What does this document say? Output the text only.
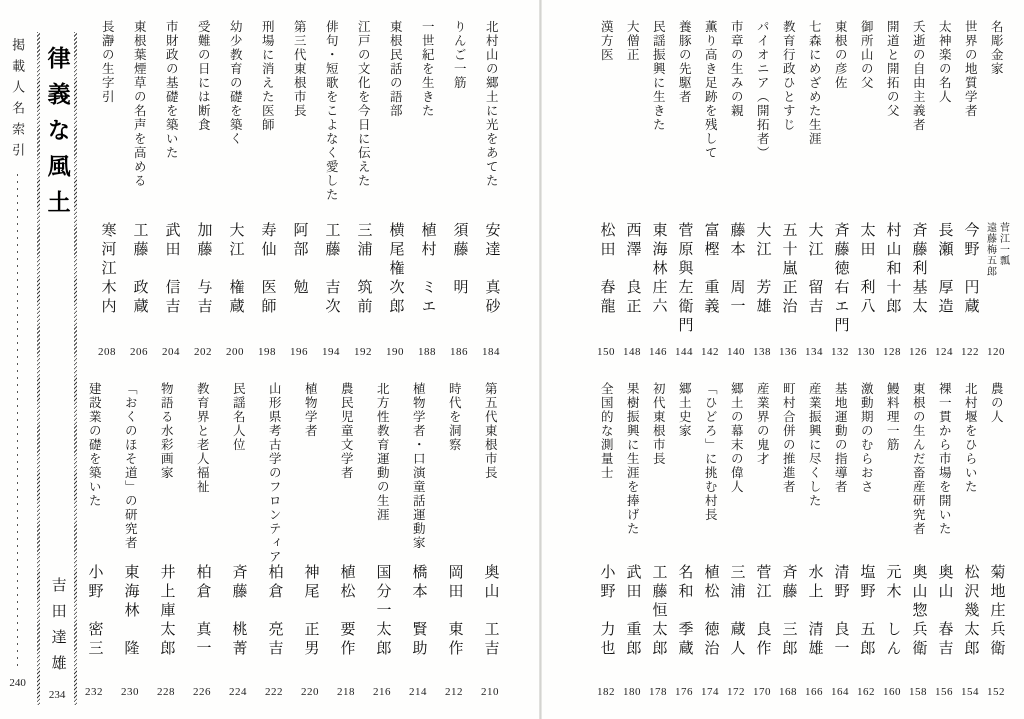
掲載人名索引
240
律義な風土
吉田達雄
234
北村山の郷土に光をあてた
安達　真砂
184
りんご一筋
須藤　明
186
一世紀を生きた
植村　ミエ
188
東根民話の語部
横尾権次郎
190
江戸の文化を今日に伝えた
三浦　筑前
192
俳句・短歌をこよなく愛した
工藤　吉次
194
第三代東根市長
阿部　勉
196
刑場に消えた医師
寿仙　医師
198
幼少教育の礎を築く
大江　権蔵
200
受難の日には断食
加藤　与吉
202
市財政の基礎を築いた
武田　信吉
204
東根葉煙草の名声を高める
工藤　政蔵
206
長瀞の生字引
寒河江木内
208
第五代東根市長
奥山　工吉
210
時代を洞察
岡田　東作
212
植物学者・口演童話運動家
橋本　賢助
214
北方性教育運動の生涯
国分一太郎
216
農民児童文学者
植松　要作
218
植物学者
神尾　正男
220
山形県考古学のフロンティア
柏倉　亮吉
222
民謡名人位
斉藤　桃菁
224
教育界と老人福祉
柏倉　真一
226
物語る水彩画家
井上庫太郎
228
「おくのほそ道」の研究者
東海林　隆
230
建設業の礎を築いた
小野　密三
232
名彫金家
菅江一瓢
遠藤梅五郎
120
世界の地質学者
今野　円蔵
122
太神楽の名人
長瀬　厚造
124
夭逝の自由主義者
斉藤利基太
126
開道と開拓の父
村山和十郎
128
御所山の父
太田　利八
130
東根の彦佐
斉藤徳右エ門
132
七森にめざめた生涯
大江　留吉
134
教育行政ひとすじ
五十嵐正治
136
パイオニア（開拓者）
大江　芳雄
138
市章の生みの親
藤本　周一
140
薫り高き足跡を残して
富樫　重義
142
養豚の先駆者
菅原與左衛門
144
民謡振興に生きた
東海林庄六
146
大僧正
西澤　良正
148
漢方医
松田　春龍
150
農の人
菊地庄兵衛
152
北村堰をひらいた
松沢幾太郎
154
裸一貫から市場を開いた
奥山　春吉
156
東根の生んだ畜産研究者
奥山惣兵衛
158
鰻料理一筋
元木　しん
160
激動期のむらおさ
塩野　五郎
162
基地運動の指導者
清野　良一
164
産業振興に尽くした
水上　清雄
166
町村合併の推進者
斉藤　三郎
168
産業界の鬼才
菅江　良作
170
郷土の幕末の偉人
三浦　蔵人
172
「ひどろ」に挑む村長
植松　徳治
174
郷土史家
名和　季蔵
176
初代東根市長
工藤恒太郎
178
果樹振興に生涯を捧げた
武田　重郎
180
全国的な測量士
小野　力也
182
